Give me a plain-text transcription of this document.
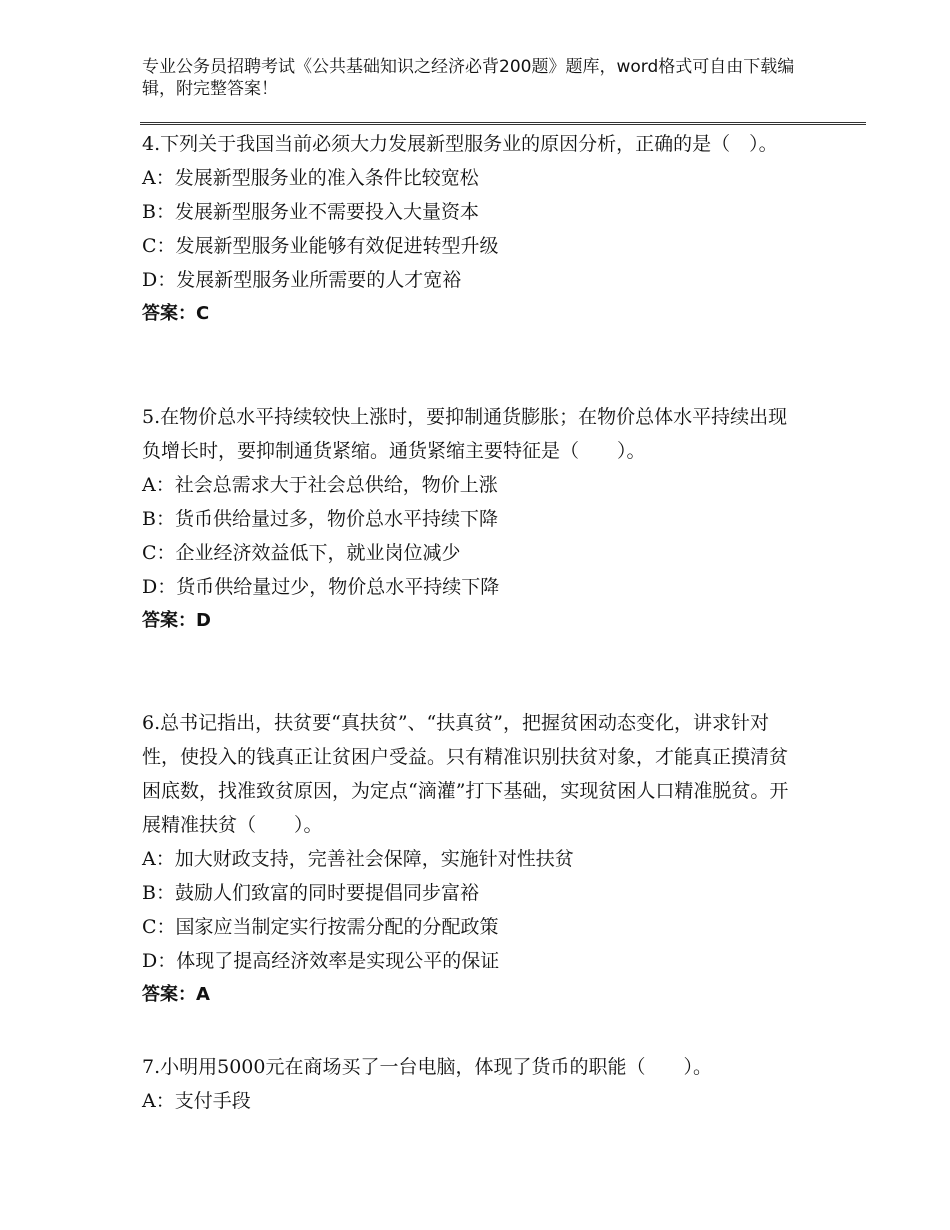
专业公务员招聘考试《公共基础知识之经济必背200题》题库，word格式可自由下载编辑，附完整答案！

4.下列关于我国当前必须大力发展新型服务业的原因分析，正确的是（　）。

A：发展新型服务业的准入条件比较宽松

B：发展新型服务业不需要投入大量资本

C：发展新型服务业能够有效促进转型升级

D：发展新型服务业所需要的人才宽裕

答案：C

5.在物价总水平持续较快上涨时，要抑制通货膨胀；在物价总体水平持续出现负增长时，要抑制通货紧缩。通货紧缩主要特征是（　　）。

A：社会总需求大于社会总供给，物价上涨

B：货币供给量过多，物价总水平持续下降

C：企业经济效益低下，就业岗位减少

D：货币供给量过少，物价总水平持续下降

答案：D

6.总书记指出，扶贫要“真扶贫”、“扶真贫”，把握贫困动态变化，讲求针对性，使投入的钱真正让贫困户受益。只有精准识别扶贫对象，才能真正摸清贫困底数，找准致贫原因，为定点“滴灌”打下基础，实现贫困人口精准脱贫。开展精准扶贫（　　）。

A：加大财政支持，完善社会保障，实施针对性扶贫

B：鼓励人们致富的同时要提倡同步富裕

C：国家应当制定实行按需分配的分配政策

D：体现了提高经济效率是实现公平的保证

答案：A

7.小明用5000元在商场买了一台电脑，体现了货币的职能（　　）。

A：支付手段
